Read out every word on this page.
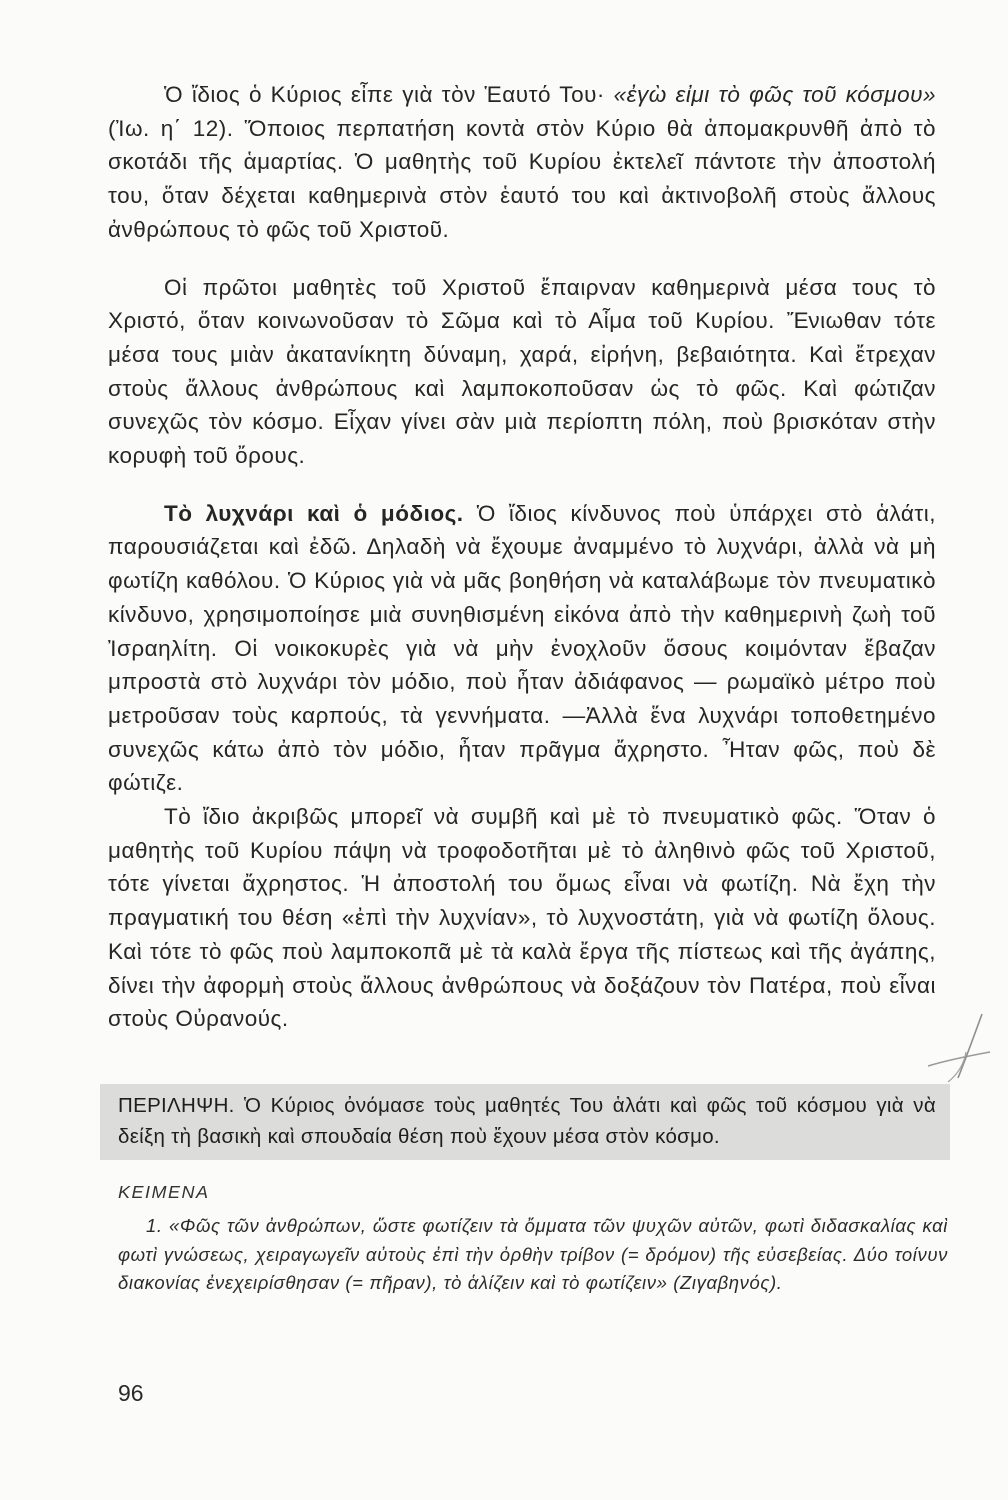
Ὁ ἴδιος ὁ Κύριος εἶπε γιὰ τὸν Ἑαυτό Του· «ἐγὼ εἰμι τὸ φῶς τοῦ κόσμου» (Ἰω. η΄ 12). Ὅποιος περπατήση κοντὰ στὸν Κύριο θὰ ἀπομακρυνθῆ ἀπὸ τὸ σκοτάδι τῆς ἁμαρτίας. Ὁ μαθητὴς τοῦ Κυρίου ἐκτελεῖ πάντοτε τὴν ἀποστολή του, ὅταν δέχεται καθημερινὰ στὸν ἑαυτό του καὶ ἀκτινοβολῆ στοὺς ἄλλους ἀνθρώπους τὸ φῶς τοῦ Χριστοῦ.

Οἱ πρῶτοι μαθητὲς τοῦ Χριστοῦ ἔπαιρναν καθημερινὰ μέσα τους τὸ Χριστό, ὅταν κοινωνοῦσαν τὸ Σῶμα καὶ τὸ Αἷμα τοῦ Κυρίου. Ἔνιωθαν τότε μέσα τους μιὰν ἀκατανίκητη δύναμη, χαρά, εἰρήνη, βεβαιότητα. Καὶ ἔτρεχαν στοὺς ἄλλους ἀνθρώπους καὶ λαμποκοποῦσαν ὡς τὸ φῶς. Καὶ φώτιζαν συνεχῶς τὸν κόσμο. Εἶχαν γίνει σὰν μιὰ περίοπτη πόλη, ποὺ βρισκόταν στὴν κορυφὴ τοῦ ὄρους.

Τὸ λυχνάρι καὶ ὁ μόδιος. Ὁ ἴδιος κίνδυνος ποὺ ὑπάρχει στὸ ἁλάτι, παρουσιάζεται καὶ ἐδῶ. Δηλαδὴ νὰ ἔχουμε ἀναμμένο τὸ λυχνάρι, ἀλλὰ νὰ μὴ φωτίζη καθόλου. Ὁ Κύριος γιὰ νὰ μᾶς βοηθήση νὰ καταλάβωμε τὸν πνευματικὸ κίνδυνο, χρησιμοποίησε μιὰ συνηθισμένη εἰκόνα ἀπὸ τὴν καθημερινὴ ζωὴ τοῦ Ἰσραηλίτη. Οἱ νοικοκυρὲς γιὰ νὰ μὴν ἐνοχλοῦν ὅσους κοιμόνταν ἔβαζαν μπροστὰ στὸ λυχνάρι τὸν μόδιο, ποὺ ἦταν ἀδιάφανος — ρωμαϊκὸ μέτρο ποὺ μετροῦσαν τοὺς καρπούς, τὰ γεννήματα. —Ἀλλὰ ἕνα λυχνάρι τοποθετημένο συνεχῶς κάτω ἀπὸ τὸν μόδιο, ἦταν πρᾶγμα ἄχρηστο. Ἦταν φῶς, ποὺ δὲ φώτιζε.

Τὸ ἴδιο ἀκριβῶς μπορεῖ νὰ συμβῆ καὶ μὲ τὸ πνευματικὸ φῶς. Ὅταν ὁ μαθητὴς τοῦ Κυρίου πάψη νὰ τροφοδοτῆται μὲ τὸ ἀληθινὸ φῶς τοῦ Χριστοῦ, τότε γίνεται ἄχρηστος. Ἡ ἀποστολή του ὅμως εἶναι νὰ φωτίζη. Νὰ ἔχη τὴν πραγματική του θέση «ἐπὶ τὴν λυχνίαν», τὸ λυχνοστάτη, γιὰ νὰ φωτίζη ὅλους. Καὶ τότε τὸ φῶς ποὺ λαμποκοπᾶ μὲ τὰ καλὰ ἔργα τῆς πίστεως καὶ τῆς ἀγάπης, δίνει τὴν ἀφορμὴ στοὺς ἄλλους ἀνθρώπους νὰ δοξάζουν τὸν Πατέρα, ποὺ εἶναι στοὺς Οὐρανούς.

ΠΕΡΙΛΗΨΗ. Ὁ Κύριος ὀνόμασε τοὺς μαθητές Του ἁλάτι καὶ φῶς τοῦ κόσμου γιὰ νὰ δείξη τὴ βασικὴ καὶ σπουδαία θέση ποὺ ἔχουν μέσα στὸν κόσμο.

ΚΕΙΜΕΝΑ

1. «Φῶς τῶν ἀνθρώπων, ὥστε φωτίζειν τὰ ὄμματα τῶν ψυχῶν αὐτῶν, φωτὶ διδασκαλίας καὶ φωτὶ γνώσεως, χειραγωγεῖν αὐτοὺς ἐπὶ τὴν ὀρθὴν τρίβον (= δρόμον) τῆς εὐσεβείας. Δύο τοίνυν διακονίας ἐνεχειρίσθησαν (= πῆραν), τὸ ἁλίζειν καὶ τὸ φωτίζειν» (Ζιγαβηνός).

96
